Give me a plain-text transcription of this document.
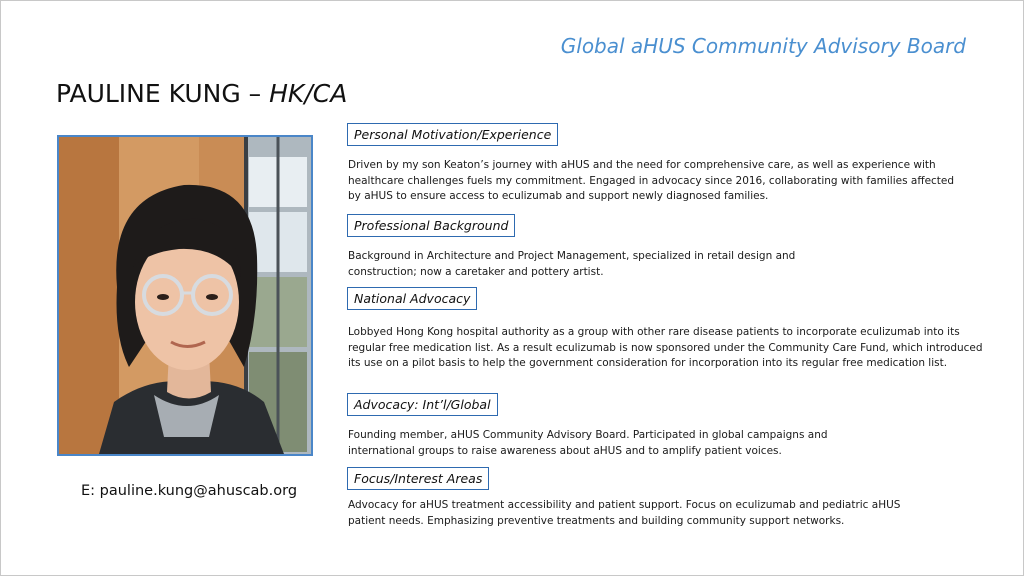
Global aHUS Community Advisory Board
PAULINE KUNG – HK/CA
E: pauline.kung@ahuscab.org
Personal Motivation/Experience
Driven by my son Keaton’s journey with aHUS and the need for comprehensive care, as well as experience with healthcare challenges fuels my commitment. Engaged in advocacy since 2016, collaborating with families affected by aHUS to ensure access to eculizumab and support newly diagnosed families.
Professional Background
Background in Architecture and Project Management, specialized in retail design and construction; now a caretaker and pottery artist.
National Advocacy
Lobbyed Hong Kong hospital authority as a group with other rare disease patients to incorporate eculizumab into its regular free medication list. As a result eculizumab is now sponsored under the Community Care Fund, which introduced its use on a pilot basis to help the government consideration for incorporation into its regular free medication list.
Advocacy: Int’l/Global
Founding member, aHUS Community Advisory Board. Participated in global campaigns and international groups to raise awareness about aHUS and to amplify patient voices.
Focus/Interest Areas
Advocacy for aHUS treatment accessibility and patient support. Focus on eculizumab and pediatric aHUS patient needs. Emphasizing preventive treatments and building community support networks.
